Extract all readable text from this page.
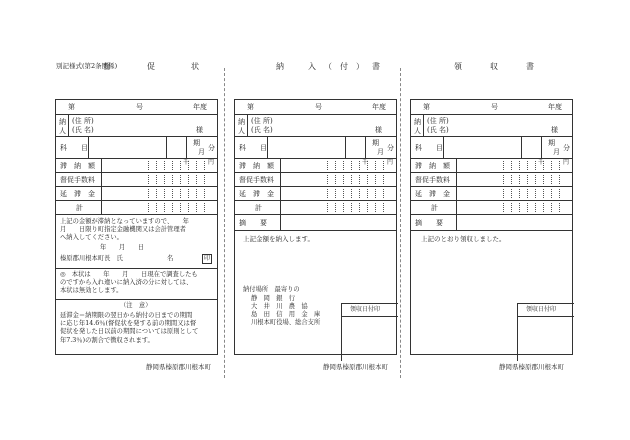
別記様式(第2条関係)
督　促　状	納　入（付）書	領　　収　　書
第	号	年度
納
人
(住 所)
(氏 名)	様
科　　目
期
月 分
滞　納　額	千	円
督促手数料
延　滞　金
計
上記の金額が滞納となっていますので、　　年
月　　日限り町指定金融機関又は会計管理者
へ納入してください。
年　　月　　日
榛原郡川根本町長　氏　　　　　　　名	印
◎　本状は　　年　　月　　日現在で調査したも
のですから入れ違いに納入済の分に対しては、
本状は無効とします。
（注　意）
延滞金＝納期限の翌日から納付の日までの期間
に応じ年14.6％(督促状を発する前の期間又は督
促状を発した日以前の期間については原則として
年7.3％)の割合で徴収されます。
静岡県榛原郡川根本町
第	号	年度
納
人
(住 所)
(氏 名)	様
科　　目
期
月 分
滞　納　額	千	円
督促手数料
延　滞　金
計
摘　　要
上記金額を納入します。
納付場所　最寄りの
静　岡　銀　行
大　井　川　農　協
島　田　信　用　金　庫
川根本町役場、総合支所
領収日付印
静岡県榛原郡川根本町
第	号	年度
納
人
(住 所)
(氏 名)	様
科　　目
期
月 分
滞　納　額	千	円
督促手数料
延　滞　金
計
摘　　要
上記のとおり領収しました。
領収日付印
静岡県榛原郡川根本町
